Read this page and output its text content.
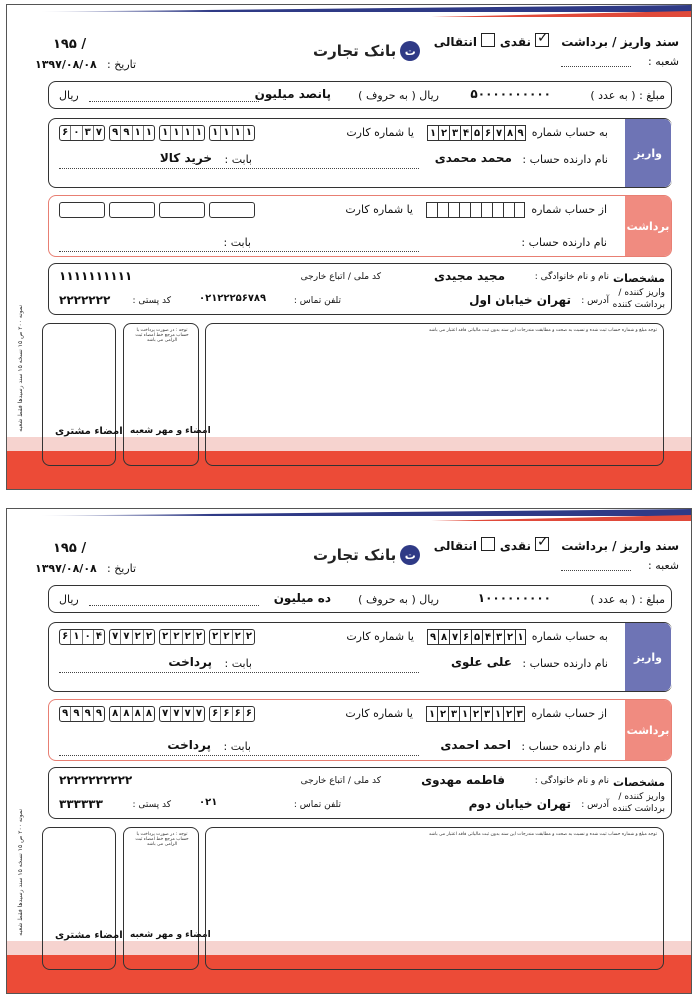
سند واریز / برداشت
✓
نقدی
انتقالی
شعبه :
بانک تجارت ت
۱۹۵ /
۱۳۹۷/۰۸/۰۸ تاریخ :
مبلغ : ( به عدد )
۵۰۰۰۰۰۰۰۰۰۰
ریال ( به حروف )
پانصد میلیون
ریال
به حساب شماره
۱ ۲ ۳ ۴ ۵ ۶ ۷ ۸ ۹
یا شماره کارت
۶ ۰ ۳ ۷ ۹ ۹ ۱ ۱ ۱ ۱ ۱ ۱ ۱ ۱ ۱ ۱
نام دارنده حساب :
محمد محمدی
بابت :
خرید کالا	واریز
از حساب شماره
یا شماره کارت
نام دارنده حساب :
بابت :
برداشت
مشخصات
واریز کننده /
برداشت کننده
نام و نام خانوادگی :
مجید مجیدی
کد ملی / اتباع خارجی
۱۱۱۱۱۱۱۱۱۱
آدرس :
تهران خیابان اول
تلفن تماس :
۰۲۱۲۲۲۵۶۷۸۹
کد پستی :
۲۲۲۲۲۲۲
امضاء مشتری
توجه : در صورت پرداخت با حساب مرجع خط امضاء ثبت الزامی می باشد
امضاء و مهر شعبه
توجه مبلغ و شماره حساب ثبت شده و نسبت به صحت و مطابقت مندرجات این سند بدون ثبت مالیاتی فاقد اعتبار می باشد
نمونه ۲۰۰ ص ۱۵ نسخه ۱۵ سند رسیدها فقط شعبه
سند واریز / برداشت
✓
نقدی
انتقالی
شعبه :
بانک تجارت ت
۱۹۵ /
۱۳۹۷/۰۸/۰۸ تاریخ :
مبلغ : ( به عدد )
۱۰۰۰۰۰۰۰۰۰
ریال ( به حروف )
ده میلیون
ریال
به حساب شماره
۹ ۸ ۷ ۶ ۵ ۴ ۳ ۲ ۱
یا شماره کارت
۶ ۱ ۰ ۴ ۷ ۷ ۲ ۲ ۲ ۲ ۲ ۲ ۲ ۲ ۲ ۲
نام دارنده حساب :
علی علوی
بابت :
پرداخت	واریز
از حساب شماره
۱ ۲ ۳ ۱ ۲ ۳ ۱ ۲ ۳
یا شماره کارت
۹ ۹ ۹ ۹ ۸ ۸ ۸ ۸ ۷ ۷ ۷ ۷ ۶ ۶ ۶ ۶
نام دارنده حساب :
احمد احمدی
بابت :
پرداخت
برداشت
مشخصات
واریز کننده /
برداشت کننده
نام و نام خانوادگی :
فاطمه مهدوی
کد ملی / اتباع خارجی
۲۲۲۲۲۲۲۲۲۲
آدرس :
تهران خیابان دوم
تلفن تماس :
۰۲۱
کد پستی :
۳۳۳۳۳۳
امضاء مشتری
توجه : در صورت پرداخت با حساب مرجع خط امضاء ثبت الزامی می باشد
امضاء و مهر شعبه
توجه مبلغ و شماره حساب ثبت شده و نسبت به صحت و مطابقت مندرجات این سند بدون ثبت مالیاتی فاقد اعتبار می باشد
نمونه ۲۰۰ ص ۱۵ نسخه ۱۵ سند رسیدها فقط شعبه
